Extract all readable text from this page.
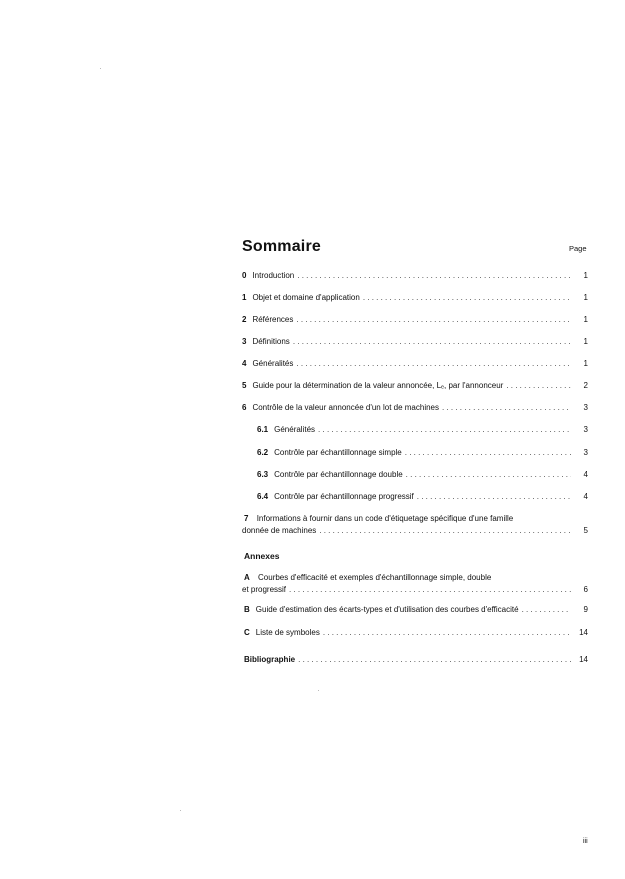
Sommaire	Page
0 Introduction . . .	1
1 Objet et domaine d'application . . .	1
2 Références . . .	1
3 Définitions . . .	1
4 Généralités . . .	1
5 Guide pour la détermination de la valeur annoncée, Lₑ, par l'annonceur . . .	2
6 Contrôle de la valeur annoncée d'un lot de machines . . .	3
6.1 Généralités . . .	3
6.2 Contrôle par échantillonnage simple . . .	3
6.3 Contrôle par échantillonnage double . . .	4
6.4 Contrôle par échantillonnage progressif . . .	4
7 Informations à fournir dans un code d'étiquetage spécifique d'une famille
donnée de machines . . .	5
Annexes
A Courbes d'efficacité et exemples d'échantillonnage simple, double
et progressif . . .	6
B Guide d'estimation des écarts-types et d'utilisation des courbes d'efficacité . . .	9
C Liste de symboles . . .	14
Bibliographie . . .	14
iii
